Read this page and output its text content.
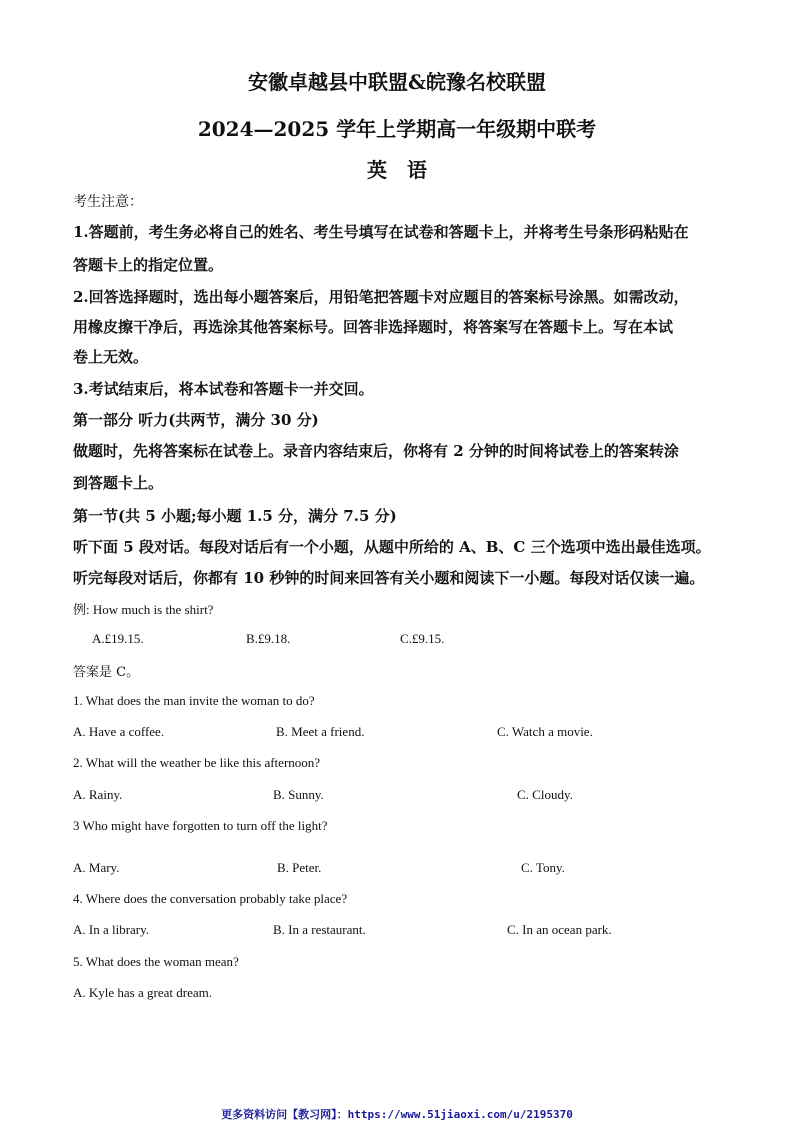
安徽卓越县中联盟&皖豫名校联盟
2024—2025 学年上学期高一年级期中联考
英　语
考生注意：
1.答题前，考生务必将自己的姓名、考生号填写在试卷和答题卡上，并将考生号条形码粘贴在
答题卡上的指定位置。
2.回答选择题时，选出每小题答案后，用铅笔把答题卡对应题目的答案标号涂黑。如需改动，
用橡皮擦干净后，再选涂其他答案标号。回答非选择题时，将答案写在答题卡上。写在本试
卷上无效。
3.考试结束后，将本试卷和答题卡一并交回。
第一部分 听力(共两节，满分 30 分)
做题时，先将答案标在试卷上。录音内容结束后，你将有 2 分钟的时间将试卷上的答案转涂
到答题卡上。
第一节(共 5 小题;每小题 1.5 分，满分 7.5 分)
听下面 5 段对话。每段对话后有一个小题，从题中所给的 A、B、C 三个选项中选出最佳选项。
听完每段对话后，你都有 10 秒钟的时间来回答有关小题和阅读下一小题。每段对话仅读一遍。
例: How much is the shirt?
A.£19.15.	B.£9.18.	C.£9.15.
答案是 C。
1. What does the man invite the woman to do?
A. Have a coffee.	B. Meet a friend.	C. Watch a movie.
2. What will the weather be like this afternoon?
A. Rainy.	B. Sunny.	C. Cloudy.
3 Who might have forgotten to turn off the light?
A. Mary.	B. Peter.	C. Tony.
4. Where does the conversation probably take place?
A. In a library.	B. In a restaurant.	C. In an ocean park.
5. What does the woman mean?
A. Kyle has a great dream.
更多资料访问【教习网】：https://www.51jiaoxi.com/u/2195370
